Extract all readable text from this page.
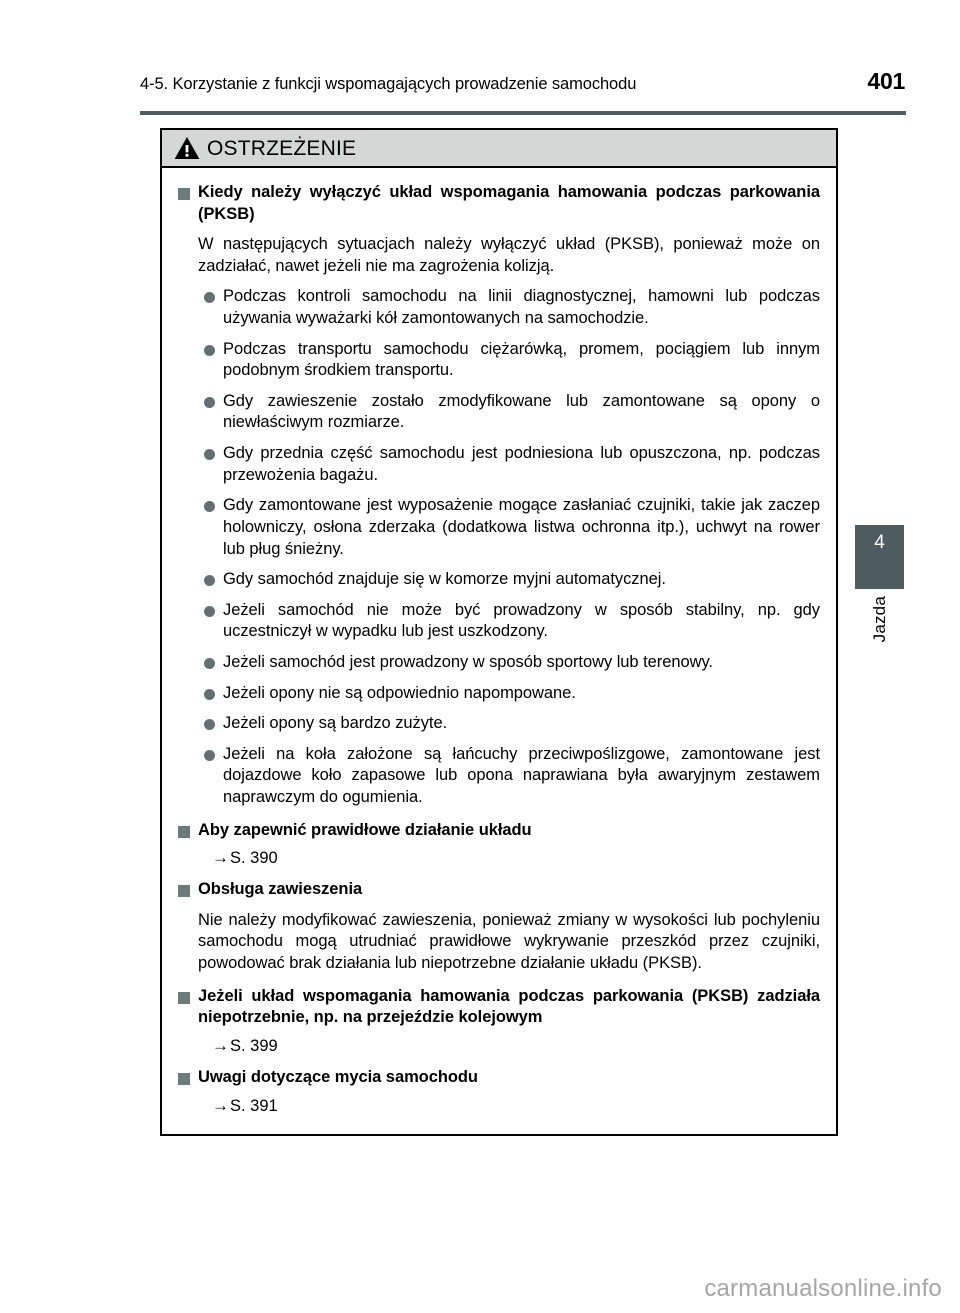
4-5. Korzystanie z funkcji wspomagających prowadzenie samochodu	401
OSTRZEŻENIE
Kiedy należy wyłączyć układ wspomagania hamowania podczas parkowania (PKSB)
W następujących sytuacjach należy wyłączyć układ (PKSB), ponieważ może on zadziałać, nawet jeżeli nie ma zagrożenia kolizją.
Podczas kontroli samochodu na linii diagnostycznej, hamowni lub podczas używania wyważarki kół zamontowanych na samochodzie.
Podczas transportu samochodu ciężarówką, promem, pociągiem lub innym podobnym środkiem transportu.
Gdy zawieszenie zostało zmodyfikowane lub zamontowane są opony o niewłaściwym rozmiarze.
Gdy przednia część samochodu jest podniesiona lub opuszczona, np. podczas przewożenia bagażu.
Gdy zamontowane jest wyposażenie mogące zasłaniać czujniki, takie jak zaczep holowniczy, osłona zderzaka (dodatkowa listwa ochronna itp.), uchwyt na rower lub pług śnieżny.
Gdy samochód znajduje się w komorze myjni automatycznej.
Jeżeli samochód nie może być prowadzony w sposób stabilny, np. gdy uczestniczył w wypadku lub jest uszkodzony.
Jeżeli samochód jest prowadzony w sposób sportowy lub terenowy.
Jeżeli opony nie są odpowiednio napompowane.
Jeżeli opony są bardzo zużyte.
Jeżeli na koła założone są łańcuchy przeciwpoślizgowe, zamontowane jest dojazdowe koło zapasowe lub opona naprawiana była awaryjnym zestawem naprawczym do ogumienia.
Aby zapewnić prawidłowe działanie układu
→ S. 390
Obsługa zawieszenia
Nie należy modyfikować zawieszenia, ponieważ zmiany w wysokości lub pochyleniu samochodu mogą utrudniać prawidłowe wykrywanie przeszkód przez czujniki, powodować brak działania lub niepotrzebne działanie układu (PKSB).
Jeżeli układ wspomagania hamowania podczas parkowania (PKSB) zadziała niepotrzebnie, np. na przejeździe kolejowym
→ S. 399
Uwagi dotyczące mycia samochodu
→ S. 391
4
Jazda
carmanualsonline.info
